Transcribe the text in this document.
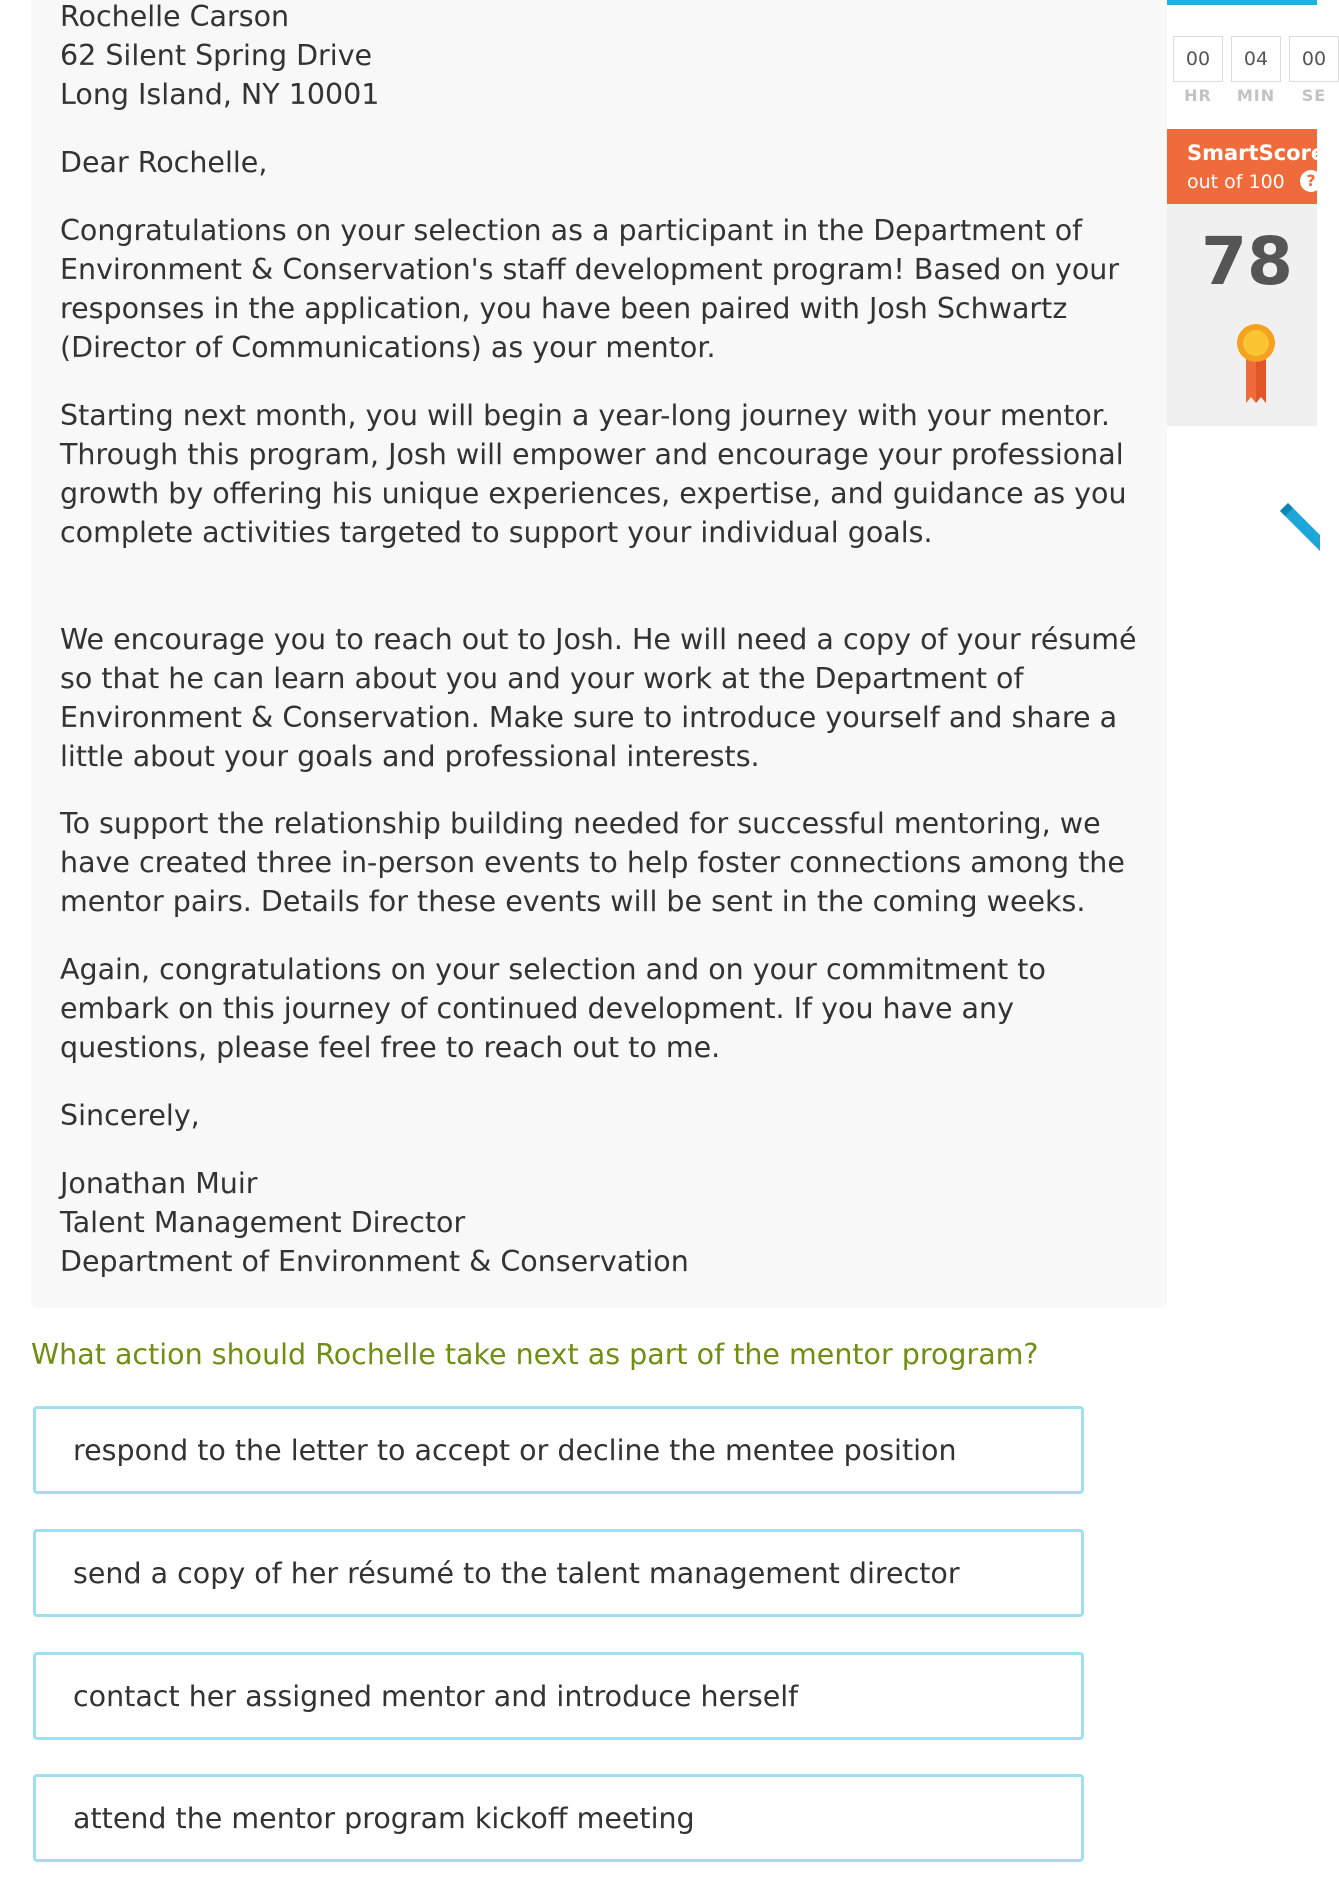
Rochelle Carson

62 Silent Spring Drive

Long Island, NY 10001

Dear Rochelle,

Congratulations on your selection as a participant in the Department of Environment & Conservation's staff development program! Based on your responses in the application, you have been paired with Josh Schwartz (Director of Communications) as your mentor.

Starting next month, you will begin a year-long journey with your mentor. Through this program, Josh will empower and encourage your professional growth by offering his unique experiences, expertise, and guidance as you complete activities targeted to support your individual goals.

We encourage you to reach out to Josh. He will need a copy of your résumé so that he can learn about you and your work at the Department of Environment & Conservation. Make sure to introduce yourself and share a little about your goals and professional interests.

To support the relationship building needed for successful mentoring, we have created three in-person events to help foster connections among the mentor pairs. Details for these events will be sent in the coming weeks.

Again, congratulations on your selection and on your commitment to embark on this journey of continued development. If you have any questions, please feel free to reach out to me.

Sincerely,

Jonathan Muir

Talent Management Director

Department of Environment & Conservation

What action should Rochelle take next as part of the mentor program?
respond to the letter to accept or decline the mentee position
send a copy of her résumé to the talent management director
contact her assigned mentor and introduce herself
attend the mentor program kickoff meeting
00	04	00
HR	MIN	SE
SmartScore
out of 100	?
78
